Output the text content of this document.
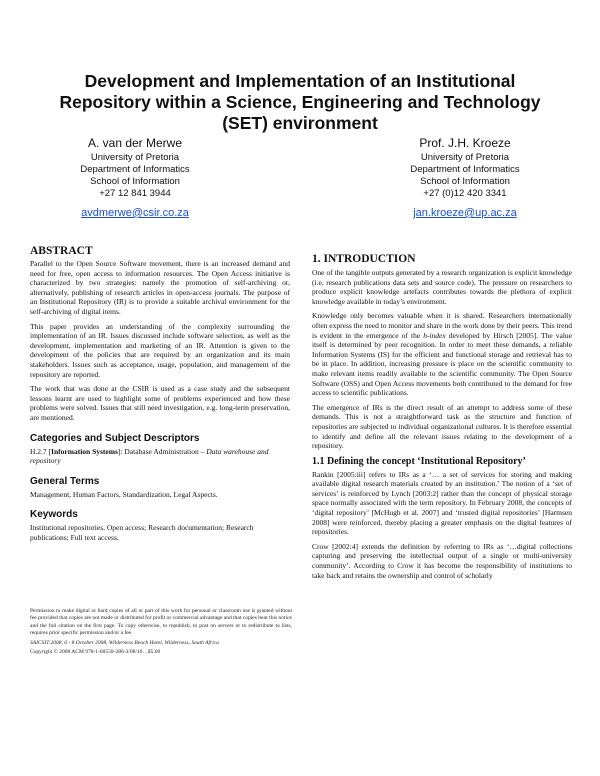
Development and Implementation of an Institutional Repository within a Science, Engineering and Technology (SET) environment
A. van der Merwe
University of Pretoria
Department of Informatics
School of Information
+27 12 841 3944
avdmerwe@csir.co.za
Prof. J.H. Kroeze
University of Pretoria
Department of Informatics
School of Information
+27 (0)12 420 3341
jan.kroeze@up.ac.za
ABSTRACT

Parallel to the Open Source Software movement, there is an increased demand and need for free, open access to information resources. The Open Access initiative is characterized by two strategies: namely the promotion of self-archiving or, alternatively, publishing of research articles in open-access journals. The purpose of an Institutional Repository (IR) is to provide a suitable archival environment for the self-archiving of digital items.

This paper provides an understanding of the complexity surrounding the implementation of an IR. Issues discussed include software selection, as well as the development, implementation and marketing of an IR. Attention is given to the development of the policies that are required by an organization and its main stakeholders. Issues such as acceptance, usage, population, and management of the repository are reported.

The work that was done at the CSIR is used as a case study and the subsequent lessons learnt are used to highlight some of problems experienced and how these problems were solved. Issues that still need investigation, e.g. long-term preservation, are mentioned.

Categories and Subject Descriptors

H.2.7 [Information Systems]: Database Administration – Data warehouse and repository

General Terms

Management, Human Factors, Standardization, Legal Aspects.

Keywords

Institutional repositories, Open access; Research documentation; Research publications; Full text access.

Permission to make digital or hard copies of all or part of this work for personal or classroom use is granted without fee provided that copies are not made or distributed for profit or commercial advantage and that copies bear this notice and the full citation on the first page. To copy otherwise, to republish, to post on servers or to redistribute to lists, requires prior specific permission and/or a fee.

SAICSIT 2008, 6 - 8 October 2008, Wilderness Beach Hotel, Wilderness, South Africa

Copyright © 2008 ACM 978-1-60558-286-3/08/10…$5.00

1. INTRODUCTION

One of the tangible outputs generated by a research organization is explicit knowledge (i.e. research publications data sets and source code). The pressure on researchers to produce explicit knowledge artefacts contributes towards the plethora of explicit knowledge available in today’s environment.

Knowledge only becomes valuable when it is shared. Researchers internationally often express the need to monitor and share in the work done by their peers. This trend is evident in the emergence of the h-index developed by Hirsch [2005]. The value itself is determined by peer recognition. In order to meet these demands, a reliable Information Systems (IS) for the efficient and functional storage and retrieval has to be in place. In addition, increasing pressure is place on the scientific community to make relevant items readily available to the scientific community. The Open Source Software (OSS) and Open Access movements both contributed to the demand for free access to scientific publications.

The emergence of IRs is the direct result of an attempt to address some of these demands. This is not a straightforward task as the structure and function of repositories are subjected to individual organizational cultures. It is therefore essential to identify and define all the relevant issues relating to the development of a repository.

1.1 Defining the concept ‘Institutional Repository’

Rankin [2005:iii] refers to IRs as a ‘… a set of services for storing and making available digital research materials created by an institution.’ The notion of a ‘set of services’ is reinforced by Lynch [2003:2] rather than the concept of physical storage space normally associated with the term repository. In February 2008, the concepts of ‘digital repository’ [McHugh et al. 2007] and ‘trusted digital repositories’ [Harmsen 2008] were reinforced, thereby placing a greater emphasis on the digital features of repositories.

Crow [2002:4] extends the definition by referring to IRs as ‘…digital collections capturing and preserving the intellectual output of a single or multi-university community’. According to Crow it has become the responsibility of institutions to take back and retains the ownership and control of scholarly
